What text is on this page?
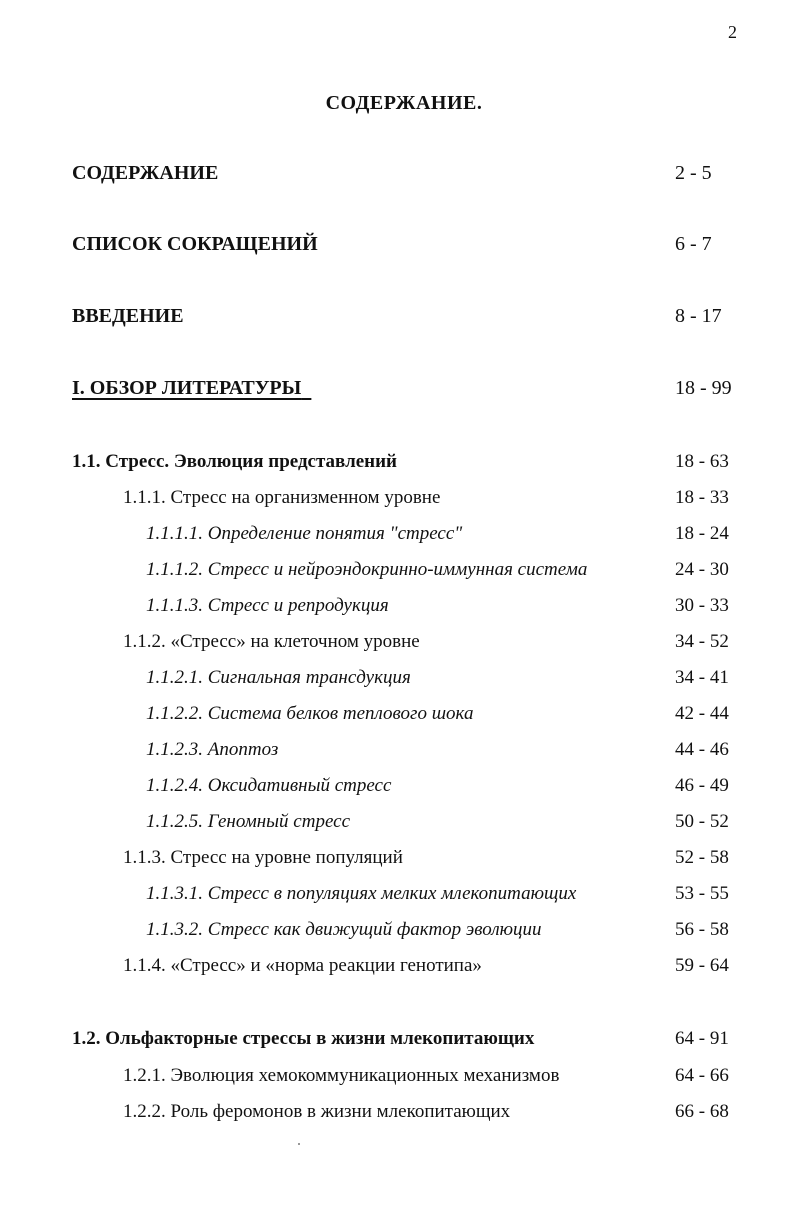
2
СОДЕРЖАНИЕ.
СОДЕРЖАНИЕ	2 - 5
СПИСОК СОКРАЩЕНИЙ	6 - 7
ВВЕДЕНИЕ	8 - 17
I. ОБЗОР ЛИТЕРАТУРЫ	18 - 99
1.1. Стресс. Эволюция представлений	18 - 63
1.1.1. Стресс на организменном уровне	18 - 33
1.1.1.1. Определение понятия "стресс"	18 - 24
1.1.1.2. Стресс и нейроэндокринно-иммунная система	24 - 30
1.1.1.3. Стресс и репродукция	30 - 33
1.1.2. «Стресс» на клеточном уровне	34 - 52
1.1.2.1. Сигнальная трансдукция	34 - 41
1.1.2.2. Система белков теплового шока	42 - 44
1.1.2.3. Апоптоз	44 - 46
1.1.2.4. Оксидативный стресс	46 - 49
1.1.2.5. Геномный стресс	50 - 52
1.1.3. Стресс на уровне популяций	52 - 58
1.1.3.1. Стресс в популяциях мелких млекопитающих	53 - 55
1.1.3.2. Стресс как движущий фактор эволюции	56 - 58
1.1.4. «Стресс» и «норма реакции генотипа»	59 - 64
1.2. Ольфакторные стрессы в жизни млекопитающих	64 - 91
1.2.1. Эволюция хемокоммуникационных механизмов	64 - 66
1.2.2. Роль феромонов в жизни млекопитающих	66 - 68
